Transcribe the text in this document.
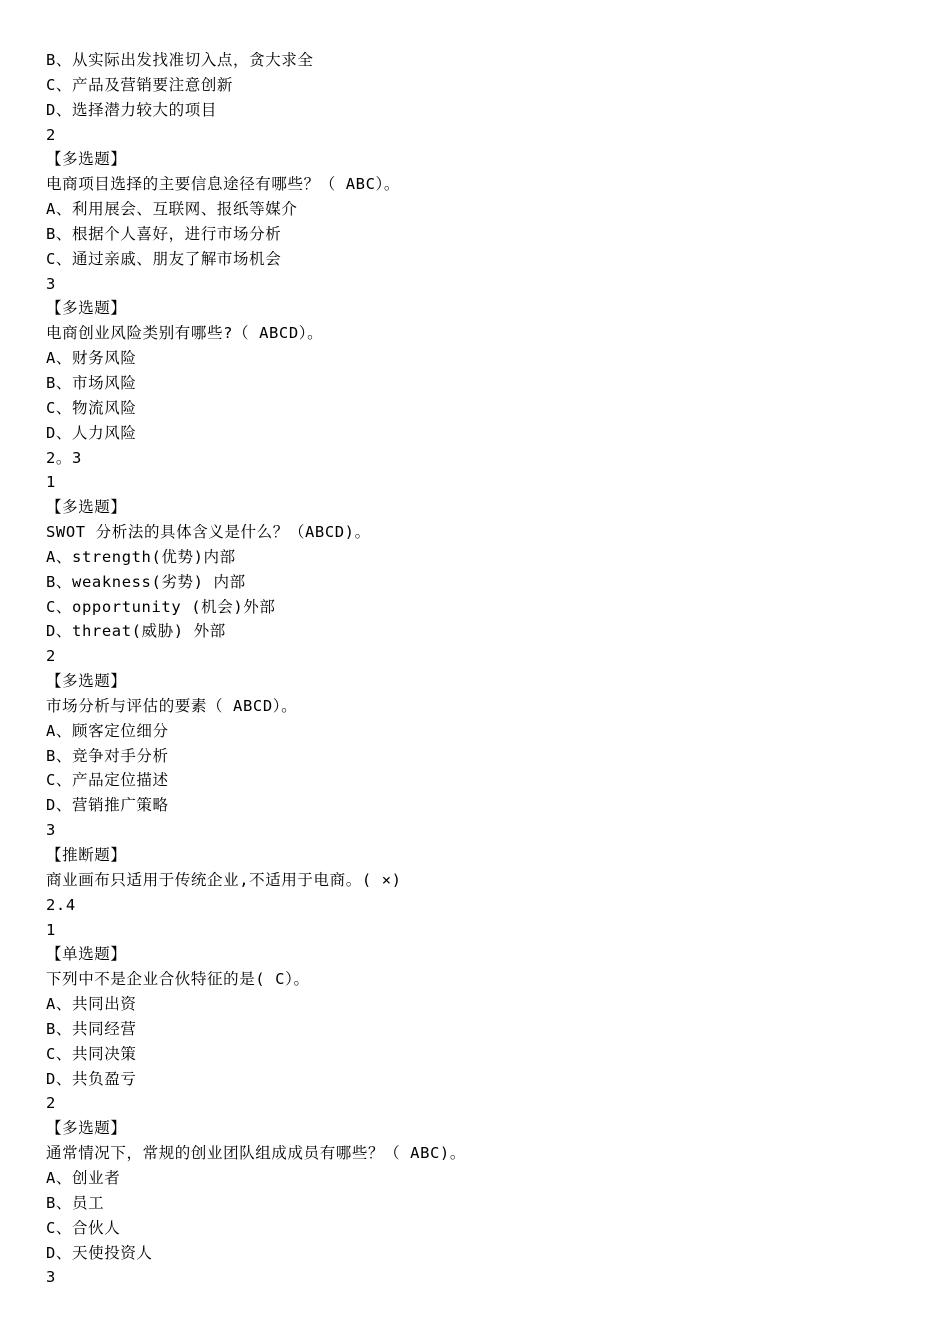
B、从实际出发找准切入点，贪大求全
C、产品及营销要注意创新
D、选择潜力较大的项目
2
【多选题】
电商项目选择的主要信息途径有哪些？（ ABC）。
A、利用展会、互联网、报纸等媒介
B、根据个人喜好，进行市场分析
C、通过亲戚、朋友了解市场机会
3
【多选题】
电商创业风险类别有哪些?（ ABCD）。
A、财务风险
B、市场风险
C、物流风险
D、人力风险
2。3
1
【多选题】
SWOT 分析法的具体含义是什么？（ABCD)。
A、strength(优势)内部
B、weakness(劣势) 内部
C、opportunity (机会)外部
D、threat(威胁) 外部
2
【多选题】
市场分析与评估的要素（ ABCD）。
A、顾客定位细分
B、竞争对手分析
C、产品定位描述
D、营销推广策略
3
【推断题】
商业画布只适用于传统企业,不适用于电商。( ×)
2.4
1
【单选题】
下列中不是企业合伙特征的是( C）。
A、共同出资
B、共同经营
C、共同决策
D、共负盈亏
2
【多选题】
通常情况下，常规的创业团队组成成员有哪些？（ ABC)。
A、创业者
B、员工
C、合伙人
D、天使投资人
3
